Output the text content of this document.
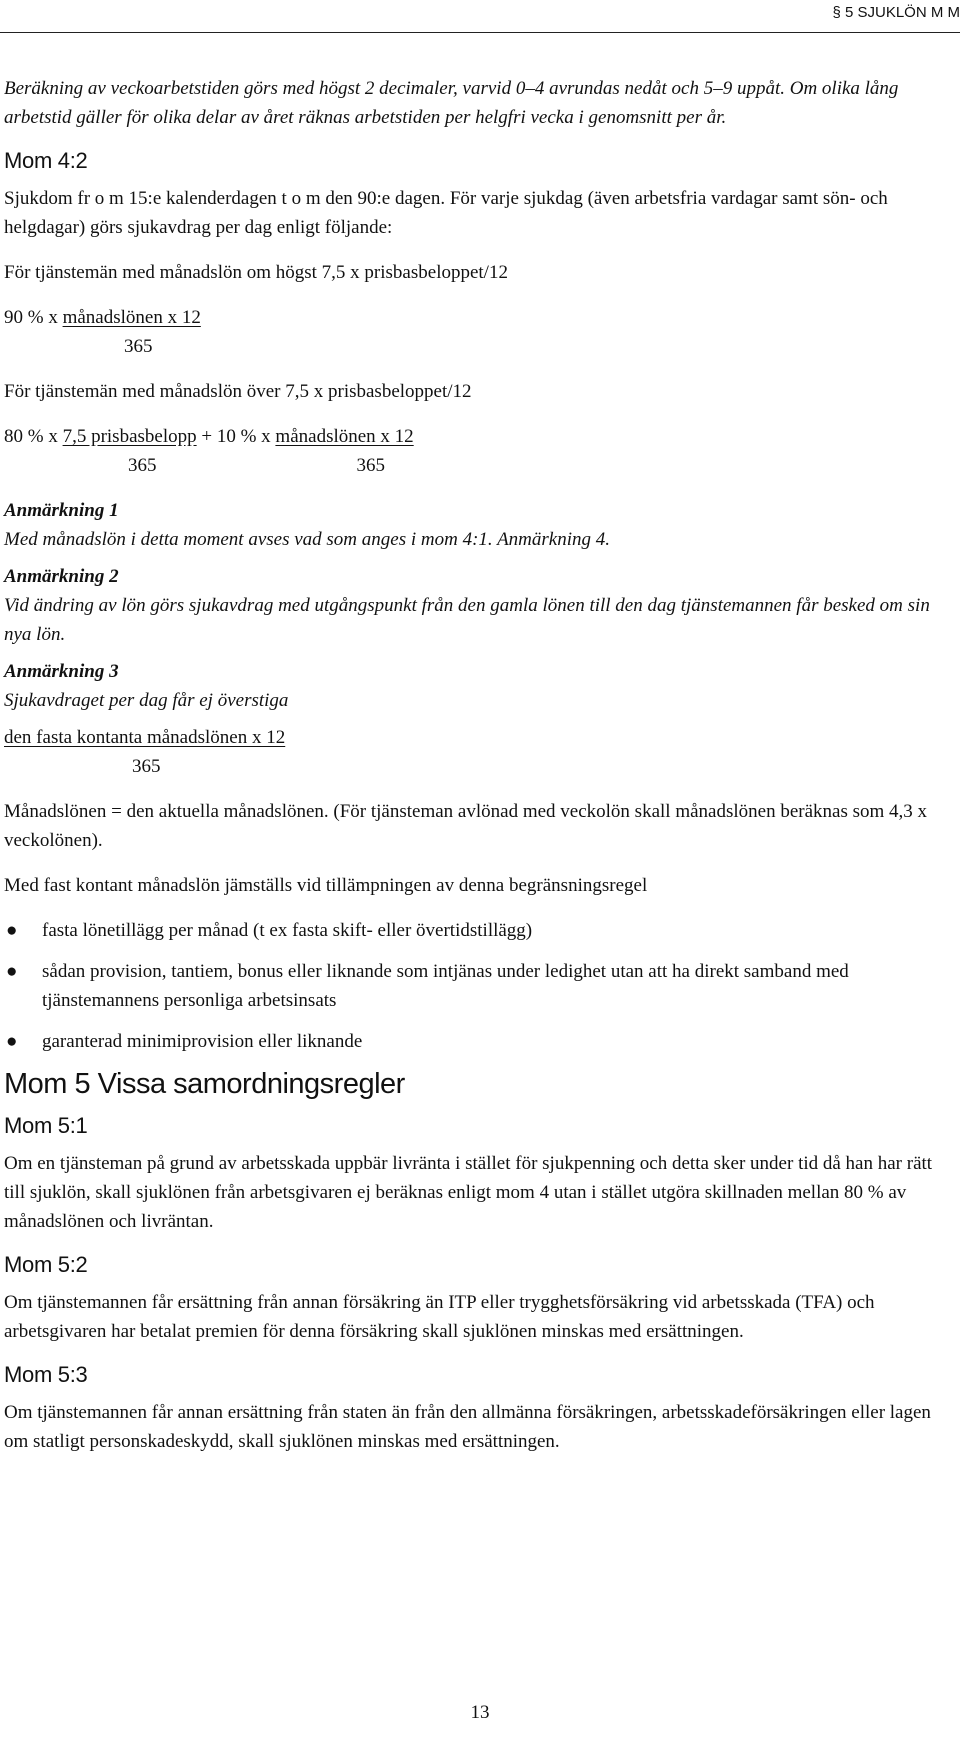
§ 5 SJUKLÖN M M

Beräkning av veckoarbetstiden görs med högst 2 decimaler, varvid 0–4 avrundas nedåt och 5–9 uppåt. Om olika lång arbetstid gäller för olika delar av året räknas arbetstiden per helgfri vecka i genomsnitt per år.

Mom 4:2

Sjukdom fr o m 15:e kalenderdagen t o m den 90:e dagen. För varje sjukdag (även arbetsfria vardagar samt sön- och helgdagar) görs sjukavdrag per dag enligt följande:

För tjänstemän med månadslön om högst 7,5 x prisbasbeloppet/12

90 % x månadslönen x 12
365

För tjänstemän med månadslön över 7,5 x prisbasbeloppet/12

80 % x 7,5 prisbasbelopp + 10 % x månadslönen x 12
365	365
Anmärkning 1

Med månadslön i detta moment avses vad som anges i mom 4:1. Anmärkning 4.

Anmärkning 2

Vid ändring av lön görs sjukavdrag med utgångspunkt från den gamla lönen till den dag tjänstemannen får besked om sin nya lön.

Anmärkning 3

Sjukavdraget per dag får ej överstiga

den fasta kontanta månadslönen x 12
365

Månadslönen = den aktuella månadslönen. (För tjänsteman avlönad med veckolön skall månadslönen beräknas som 4,3 x veckolönen).

Med fast kontant månadslön jämställs vid tillämpningen av denna begränsningsregel

● fasta lönetillägg per månad (t ex fasta skift- eller övertidstillägg)
● sådan provision, tantiem, bonus eller liknande som intjänas under ledighet utan att ha direkt samband med tjänstemannens personliga arbetsinsats
● garanterad minimiprovision eller liknande
Mom 5 Vissa samordningsregler
Mom 5:1

Om en tjänsteman på grund av arbetsskada uppbär livränta i stället för sjukpenning och detta sker under tid då han har rätt till sjuklön, skall sjuklönen från arbetsgivaren ej beräknas enligt mom 4 utan i stället utgöra skillnaden mellan 80 % av månadslönen och livräntan.

Mom 5:2

Om tjänstemannen får ersättning från annan försäkring än ITP eller trygghetsförsäkring vid arbetsskada (TFA) och arbetsgivaren har betalat premien för denna försäkring skall sjuklönen minskas med ersättningen.

Mom 5:3

Om tjänstemannen får annan ersättning från staten än från den allmänna försäkringen, arbetsskadeförsäkringen eller lagen om statligt personskadeskydd, skall sjuklönen minskas med ersättningen.

13
